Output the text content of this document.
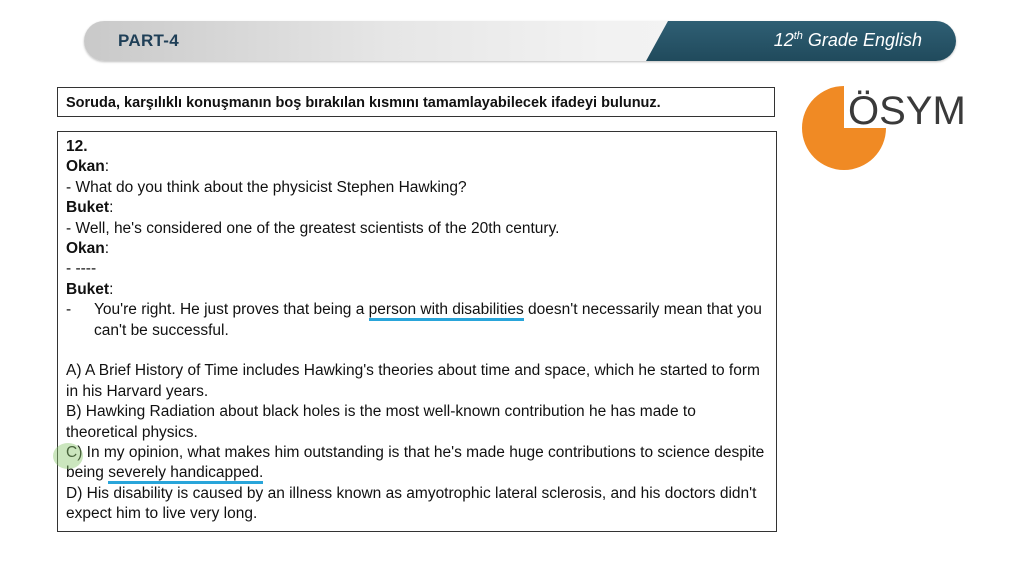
PART-4	12th Grade English
Soruda, karşılıklı konuşmanın boş bırakılan kısmını tamamlayabilecek ifadeyi bulunuz.	ÖSYM

12.

Okan:

- What do you think about the physicist Stephen Hawking?

Buket:

- Well, he's considered one of the greatest scientists of the 20th century.

Okan:

- ----

Buket:

-	You're right. He just proves that being a person with disabilities doesn't necessarily mean that you can't be successful.

A) A Brief History of Time includes Hawking's theories about time and space, which he started to form in his Harvard years.

B) Hawking Radiation about black holes is the most well-known contribution he has made to theoretical physics.

C) In my opinion, what makes him outstanding is that he's made huge contributions to science despite being severely handicapped.

D) His disability is caused by an illness known as amyotrophic lateral sclerosis, and his doctors didn't expect him to live very long.
